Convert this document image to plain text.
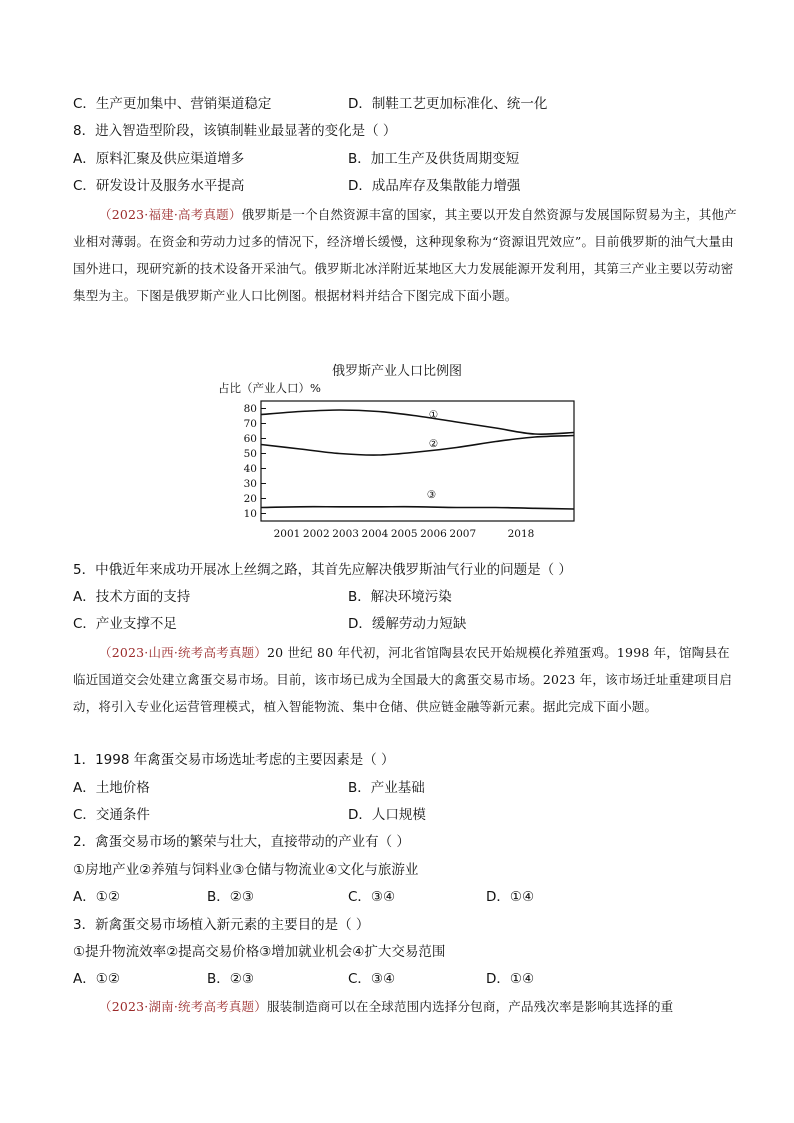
C．生产更加集中、营销渠道稳定	D．制鞋工艺更加标准化、统一化
8．进入智造型阶段，该镇制鞋业最显著的变化是（ ）
A．原料汇聚及供应渠道增多	B．加工生产及供货周期变短
C．研发设计及服务水平提高	D．成品库存及集散能力增强

（2023·福建·高考真题）俄罗斯是一个自然资源丰富的国家，其主要以开发自然资源与发展国际贸易为主，其他产业相对薄弱。在资金和劳动力过多的情况下，经济增长缓慢，这种现象称为“资源诅咒效应”。目前俄罗斯的油气大量由国外进口，现研究新的技术设备开采油气。俄罗斯北冰洋附近某地区大力发展能源开发利用，其第三产业主要以劳动密集型为主。下图是俄罗斯产业人口比例图。根据材料并结合下图完成下面小题。

俄罗斯产业人口比例图
占比（产业人口）%
10
20
30
40
50
60
70
80
2001 2002 2003 2004 2005 2006 2007	2018
①
②
③
5．中俄近年来成功开展冰上丝绸之路，其首先应解决俄罗斯油气行业的问题是（ ）
A．技术方面的支持	B．解决环境污染
C．产业支撑不足	D．缓解劳动力短缺

（2023·山西·统考高考真题）20 世纪 80 年代初，河北省馆陶县农民开始规模化养殖蛋鸡。1998 年，馆陶县在临近国道交会处建立禽蛋交易市场。目前，该市场已成为全国最大的禽蛋交易市场。2023 年，该市场迁址重建项目启动，将引入专业化运营管理模式，植入智能物流、集中仓储、供应链金融等新元素。据此完成下面小题。

1．1998 年禽蛋交易市场选址考虑的主要因素是（ ）
A．土地价格	B．产业基础
C．交通条件	D．人口规模
2．禽蛋交易市场的繁荣与壮大，直接带动的产业有（ ）
①房地产业②养殖与饲料业③仓储与物流业④文化与旅游业
A．①②	B．②③	C．③④	D．①④
3．新禽蛋交易市场植入新元素的主要目的是（ ）
①提升物流效率②提高交易价格③增加就业机会④扩大交易范围
A．①②	B．②③	C．③④	D．①④

（2023·湖南·统考高考真题）服装制造商可以在全球范围内选择分包商，产品残次率是影响其选择的重
